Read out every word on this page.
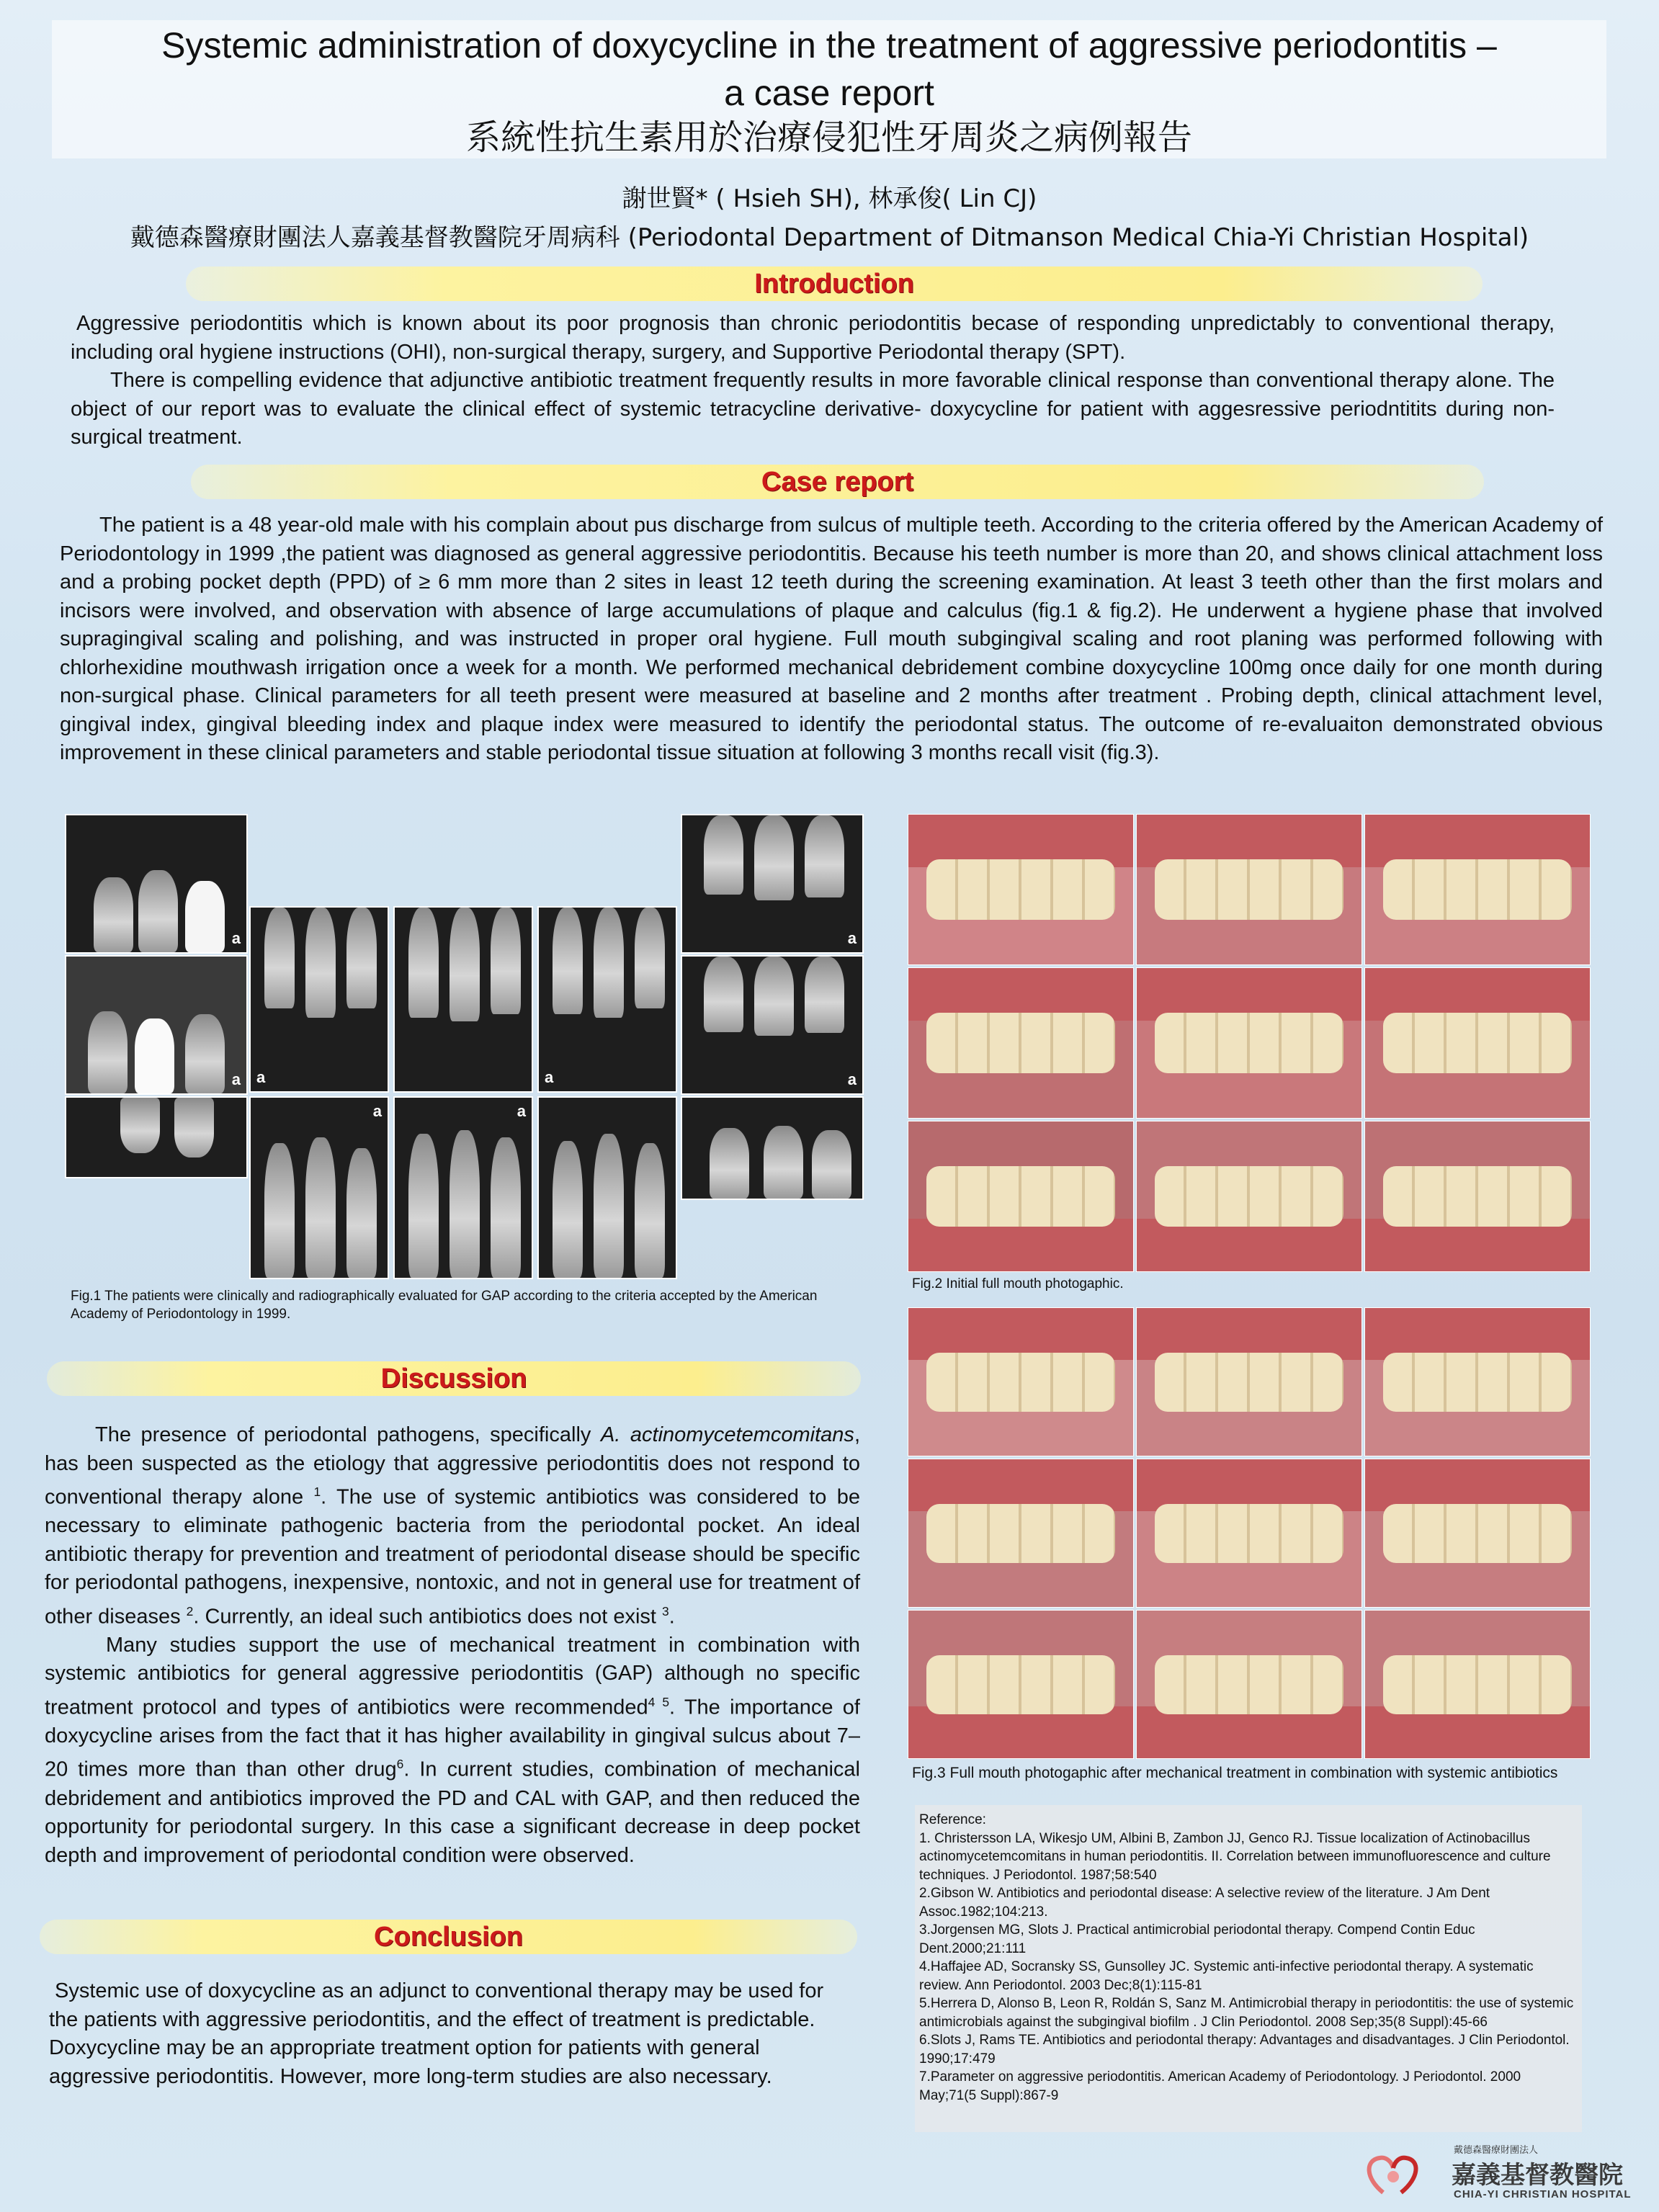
Systemic administration of doxycycline in the treatment of aggressive periodontitis –
a case report
系統性抗生素用於治療侵犯性牙周炎之病例報告
謝世賢* ( Hsieh SH), 林承俊( Lin CJ)
戴德森醫療財團法人嘉義基督教醫院牙周病科 (Periodontal Department of Ditmanson Medical Chia-Yi Christian Hospital)
Introduction

Aggressive periodontitis which is known about its poor prognosis than chronic periodontitis becase of responding unpredictably to conventional therapy, including oral hygiene instructions (OHI), non-surgical therapy, surgery, and Supportive Periodontal therapy (SPT).

There is compelling evidence that adjunctive antibiotic treatment frequently results in more favorable clinical response than conventional therapy alone. The object of our report was to evaluate the clinical effect of systemic tetracycline derivative- doxycycline for patient with aggesressive periodntitits during non-surgical treatment.

Case report

The patient is a 48 year-old male with his complain about pus discharge from sulcus of multiple teeth. According to the criteria offered by the American Academy of Periodontology in 1999 ,the patient was diagnosed as general aggressive periodontitis. Because his teeth number is more than 20, and shows clinical attachment loss and a probing pocket depth (PPD) of ≥ 6 mm more than 2 sites in least 12 teeth during the screening examination. At least 3 teeth other than the first molars and incisors were involved, and observation with absence of large accumulations of plaque and calculus (fig.1 & fig.2). He underwent a hygiene phase that involved supragingival scaling and polishing, and was instructed in proper oral hygiene. Full mouth subgingival scaling and root planing was performed following with chlorhexidine mouthwash irrigation once a week for a month. We performed mechanical debridement combine doxycycline 100mg once daily for one month during non-surgical phase. Clinical parameters for all teeth present were measured at baseline and 2 months after treatment . Probing depth, clinical attachment level, gingival index, gingival bleeding index and plaque index were measured to identify the periodontal status. The outcome of re-evaluaiton demonstrated obvious improvement in these clinical parameters and stable periodontal tissue situation at following 3 months recall visit (fig.3).

a
a a	a
a
a
a	a
Fig.1 The patients were clinically and radiographically evaluated for GAP according to the criteria accepted by the American Academy of Periodontology in 1999.
Fig.2 Initial full mouth photogaphic.
Fig.3 Full mouth photogaphic after mechanical treatment in combination with systemic antibiotics

Reference:

1. Christersson LA, Wikesjo UM, Albini B, Zambon JJ, Genco RJ. Tissue localization of Actinobacillus actinomycetemcomitans in human periodontitis. II. Correlation between immunofluorescence and culture techniques. J Periodontol. 1987;58:540

2.Gibson W. Antibiotics and periodontal disease: A selective review of the literature. J Am Dent Assoc.1982;104:213.

3.Jorgensen MG, Slots J. Practical antimicrobial periodontal therapy. Compend Contin Educ Dent.2000;21:111

4.Haffajee AD, Socransky SS, Gunsolley JC. Systemic anti-infective periodontal therapy. A systematic review. Ann Periodontol. 2003 Dec;8(1):115-81

5.Herrera D, Alonso B, Leon R, Roldán S, Sanz M. Antimicrobial therapy in periodontitis: the use of systemic antimicrobials against the subgingival biofilm . J Clin Periodontol. 2008 Sep;35(8 Suppl):45-66

6.Slots J, Rams TE. Antibiotics and periodontal therapy: Advantages and disadvantages. J Clin Periodontol. 1990;17:479

7.Parameter on aggressive periodontitis. American Academy of Periodontology. J Periodontol. 2000 May;71(5 Suppl):867-9

Discussion

The presence of periodontal pathogens, specifically A. actinomycetemcomitans, has been suspected as the etiology that aggressive periodontitis does not respond to conventional therapy alone $^1$. The use of systemic antibiotics was considered to be necessary to eliminate pathogenic bacteria from the periodontal pocket. An ideal antibiotic therapy for prevention and treatment of periodontal disease should be specific for periodontal pathogens, inexpensive, nontoxic, and not in general use for treatment of other diseases $^2$. Currently, an ideal such antibiotics does not exist $^3$.

Many studies support the use of mechanical treatment in combination with systemic antibiotics for general aggressive periodontitis (GAP) although no specific treatment protocol and types of antibiotics were recommended$^{4 5}$. The importance of doxycycline arises from the fact that it has higher availability in gingival sulcus about 7–20 times more than than other drug$^6$. In current studies, combination of mechanical debridement and antibiotics improved the PD and CAL with GAP, and then reduced the opportunity for periodontal surgery. In this case a significant decrease in deep pocket depth and improvement of periodontal condition were observed.

Conclusion

Systemic use of doxycycline as an adjunct to conventional therapy may be used for the patients with aggressive periodontitis, and the effect of treatment is predictable. Doxycycline may be an appropriate treatment option for patients with general aggressive periodontitis. However, more long-term studies are also necessary.

戴德森醫療財團法人
嘉義基督教醫院
CHIA-YI CHRISTIAN HOSPITAL
